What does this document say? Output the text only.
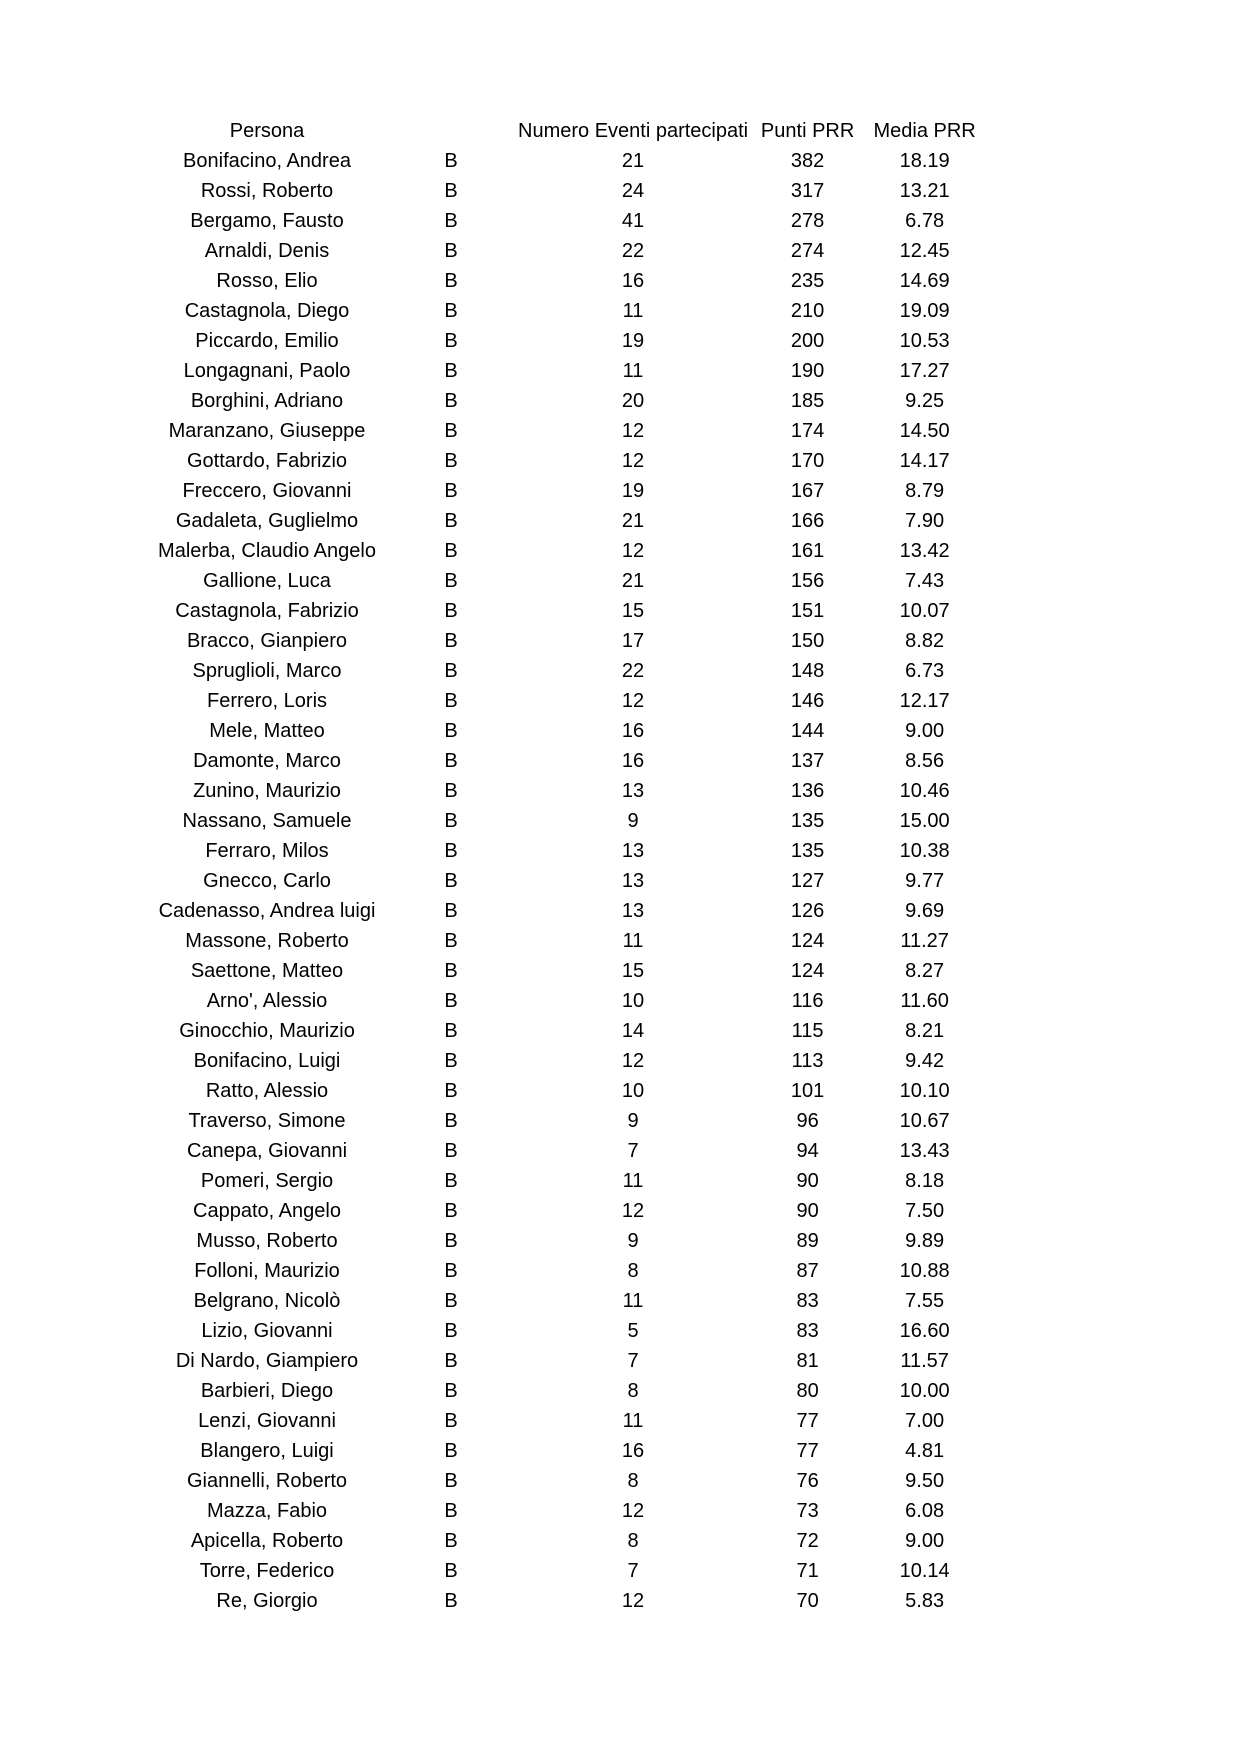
Persona		Numero Eventi partecipati	Punti PRR	Media PRR
Bonifacino, Andrea	B	21	382	18.19
Rossi, Roberto	B	24	317	13.21
Bergamo, Fausto	B	41	278	6.78
Arnaldi, Denis	B	22	274	12.45
Rosso, Elio	B	16	235	14.69
Castagnola, Diego	B	11	210	19.09
Piccardo, Emilio	B	19	200	10.53
Longagnani, Paolo	B	11	190	17.27
Borghini, Adriano	B	20	185	9.25
Maranzano, Giuseppe	B	12	174	14.50
Gottardo, Fabrizio	B	12	170	14.17
Freccero, Giovanni	B	19	167	8.79
Gadaleta, Guglielmo	B	21	166	7.90
Malerba, Claudio Angelo	B	12	161	13.42
Gallione, Luca	B	21	156	7.43
Castagnola, Fabrizio	B	15	151	10.07
Bracco, Gianpiero	B	17	150	8.82
Spruglioli, Marco	B	22	148	6.73
Ferrero, Loris	B	12	146	12.17
Mele, Matteo	B	16	144	9.00
Damonte, Marco	B	16	137	8.56
Zunino, Maurizio	B	13	136	10.46
Nassano, Samuele	B	9	135	15.00
Ferraro, Milos	B	13	135	10.38
Gnecco, Carlo	B	13	127	9.77
Cadenasso, Andrea luigi	B	13	126	9.69
Massone, Roberto	B	11	124	11.27
Saettone, Matteo	B	15	124	8.27
Arno', Alessio	B	10	116	11.60
Ginocchio, Maurizio	B	14	115	8.21
Bonifacino, Luigi	B	12	113	9.42
Ratto, Alessio	B	10	101	10.10
Traverso, Simone	B	9	96	10.67
Canepa, Giovanni	B	7	94	13.43
Pomeri, Sergio	B	11	90	8.18
Cappato, Angelo	B	12	90	7.50
Musso, Roberto	B	9	89	9.89
Folloni, Maurizio	B	8	87	10.88
Belgrano, Nicolò	B	11	83	7.55
Lizio, Giovanni	B	5	83	16.60
Di Nardo, Giampiero	B	7	81	11.57
Barbieri, Diego	B	8	80	10.00
Lenzi, Giovanni	B	11	77	7.00
Blangero, Luigi	B	16	77	4.81
Giannelli, Roberto	B	8	76	9.50
Mazza, Fabio	B	12	73	6.08
Apicella, Roberto	B	8	72	9.00
Torre, Federico	B	7	71	10.14
Re, Giorgio	B	12	70	5.83
